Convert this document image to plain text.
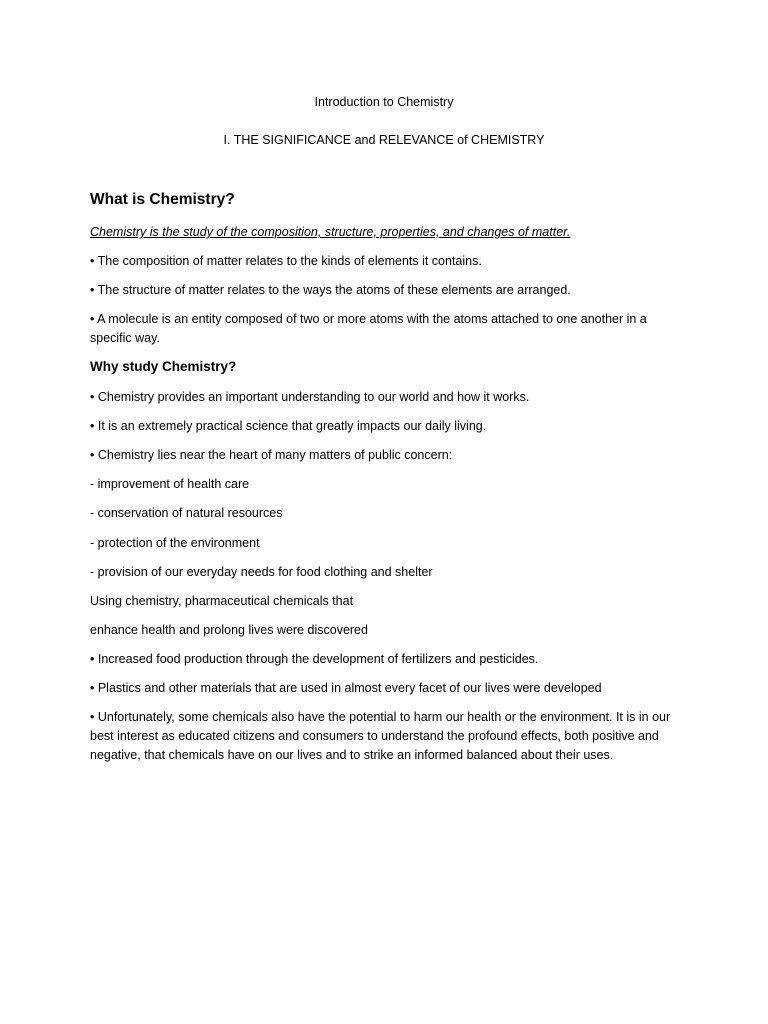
Introduction to Chemistry
I. THE SIGNIFICANCE and RELEVANCE of CHEMISTRY
What is Chemistry?
Chemistry is the study of the composition, structure, properties, and changes of matter.
• The composition of matter relates to the kinds of elements it contains.
• The structure of matter relates to the ways the atoms of these elements are arranged.
• A molecule is an entity composed of two or more atoms with the atoms attached to one another in a specific way.
Why study Chemistry?
• Chemistry provides an important understanding to our world and how it works.
• It is an extremely practical science that greatly impacts our daily living.
• Chemistry lies near the heart of many matters of public concern:
- improvement of health care
- conservation of natural resources
- protection of the environment
- provision of our everyday needs for food clothing and shelter
Using chemistry, pharmaceutical chemicals that
enhance health and prolong lives were discovered
• Increased food production through the development of fertilizers and pesticides.
• Plastics and other materials that are used in almost every facet of our lives were developed
• Unfortunately, some chemicals also have the potential to harm our health or the environment. It is in our best interest as educated citizens and consumers to understand the profound effects, both positive and negative, that chemicals have on our lives and to strike an informed balanced about their uses.
